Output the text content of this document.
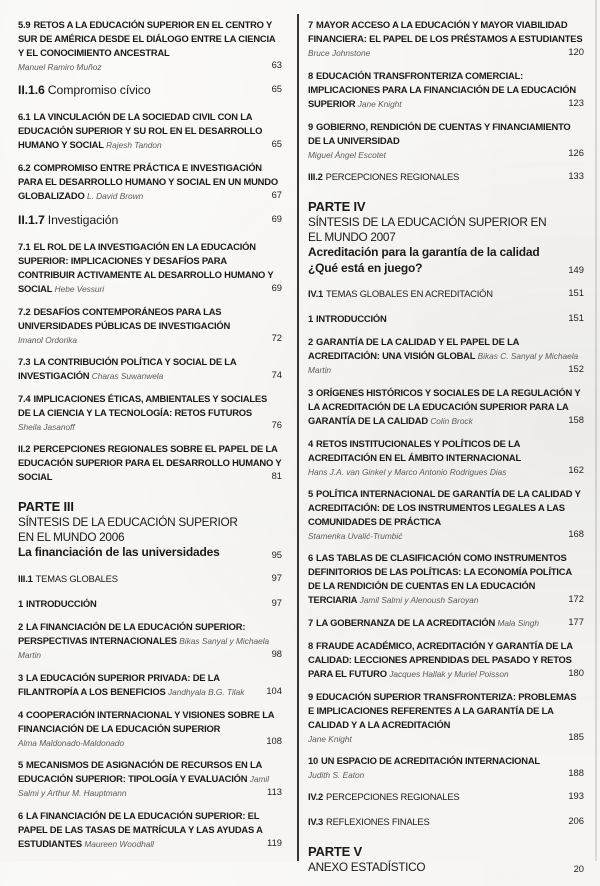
5.9 RETOS A LA EDUCACIÓN SUPERIOR EN EL CENTRO Y SUR DE AMÉRICA DESDE EL DIÁLOGO ENTRE LA CIENCIA Y EL CONOCIMIENTO ANCESTRAL
Manuel Ramiro Muñoz	63
II.1.6 Compromiso cívico	65
6.1 LA VINCULACIÓN DE LA SOCIEDAD CIVIL CON LA EDUCACIÓN SUPERIOR Y SU ROL EN EL DESARROLLO HUMANO Y SOCIAL Rajesh Tandon	65
6.2 COMPROMISO ENTRE PRÁCTICA E INVESTIGACIÓN PARA EL DESARROLLO HUMANO Y SOCIAL EN UN MUNDO GLOBALIZADO L. David Brown	67
II.1.7 Investigación	69
7.1 EL ROL DE LA INVESTIGACIÓN EN LA EDUCACIÓN SUPERIOR: IMPLICACIONES Y DESAFÍOS PARA CONTRIBUIR ACTIVAMENTE AL DESARROLLO HUMANO Y SOCIAL Hebe Vessuri	69
7.2 DESAFÍOS CONTEMPORÁNEOS PARA LAS UNIVERSIDADES PÚBLICAS DE INVESTIGACIÓN
Imanol Ordorika	72
7.3 LA CONTRIBUCIÓN POLÍTICA Y SOCIAL DE LA INVESTIGACIÓN Charas Suwanwela	74
7.4 IMPLICACIONES ÉTICAS, AMBIENTALES Y SOCIALES DE LA CIENCIA Y LA TECNOLOGÍA: RETOS FUTUROS
Sheila Jasanoff	76
II.2 PERCEPCIONES REGIONALES SOBRE EL PAPEL DE LA EDUCACIÓN SUPERIOR PARA EL DESARROLLO HUMANO Y SOCIAL	81
PARTE III
SÍNTESIS DE LA EDUCACIÓN SUPERIOR
EN EL MUNDO 2006
La financiación de las universidades	95
III.1 TEMAS GLOBALES	97
1 INTRODUCCIÓN	97
2 LA FINANCIACIÓN DE LA EDUCACIÓN SUPERIOR: PERSPECTIVAS INTERNACIONALES Bikas Sanyal y Michaela Martin	98
3 LA EDUCACIÓN SUPERIOR PRIVADA: DE LA FILANTROPÍA A LOS BENEFICIOS Jandhyala B.G. Tilak	104
4 COOPERACIÓN INTERNACIONAL Y VISIONES SOBRE LA FINANCIACIÓN DE LA EDUCACIÓN SUPERIOR
Alma Maldonado-Maldonado	108
5 MECANISMOS DE ASIGNACIÓN DE RECURSOS EN LA EDUCACIÓN SUPERIOR: TIPOLOGÍA Y EVALUACIÓN Jamil Salmi y Arthur M. Hauptmann	113
6 LA FINANCIACIÓN DE LA EDUCACIÓN SUPERIOR: EL PAPEL DE LAS TASAS DE MATRÍCULA Y LAS AYUDAS A ESTUDIANTES Maureen Woodhall	119
7 MAYOR ACCESO A LA EDUCACIÓN Y MAYOR VIABILIDAD FINANCIERA: EL PAPEL DE LOS PRÉSTAMOS A ESTUDIANTES Bruce Johnstone	120
8 EDUCACIÓN TRANSFRONTERIZA COMERCIAL: IMPLICACIONES PARA LA FINANCIACIÓN DE LA EDUCACIÓN SUPERIOR Jane Knight	123
9 GOBIERNO, RENDICIÓN DE CUENTAS Y FINANCIAMIENTO DE LA UNIVERSIDAD
Miguel Ángel Escotet	126
III.2 PERCEPCIONES REGIONALES	133
PARTE IV
SÍNTESIS DE LA EDUCACIÓN SUPERIOR EN
EL MUNDO 2007
Acreditación para la garantía de la calidad
¿Qué está en juego?	149
IV.1 TEMAS GLOBALES EN ACREDITACIÓN	151
1 INTRODUCCIÓN	151
2 GARANTÍA DE LA CALIDAD Y EL PAPEL DE LA ACREDITACIÓN: UNA VISIÓN GLOBAL Bikas C. Sanyal y Michaela Martin	152
3 ORÍGENES HISTÓRICOS Y SOCIALES DE LA REGULACIÓN Y LA ACREDITACIÓN DE LA EDUCACIÓN SUPERIOR PARA LA GARANTÍA DE LA CALIDAD Colin Brock	158
4 RETOS INSTITUCIONALES Y POLÍTICOS DE LA ACREDITACIÓN EN EL ÁMBITO INTERNACIONAL
Hans J.A. van Ginkel y Marco Antonio Rodrigues Dias	162
5 POLÍTICA INTERNACIONAL DE GARANTÍA DE LA CALIDAD Y ACREDITACIÓN: DE LOS INSTRUMENTOS LEGALES A LAS COMUNIDADES DE PRÁCTICA
Stamenka Uvalić-Trumbić	168
6 LAS TABLAS DE CLASIFICACIÓN COMO INSTRUMENTOS DEFINITORIOS DE LAS POLÍTICAS: LA ECONOMÍA POLÍTICA DE LA RENDICIÓN DE CUENTAS EN LA EDUCACIÓN TERCIARIA Jamil Salmi y Alenoush Saroyan	172
7 LA GOBERNANZA DE LA ACREDITACIÓN Mala Singh	177
8 FRAUDE ACADÉMICO, ACREDITACIÓN Y GARANTÍA DE LA CALIDAD: LECCIONES APRENDIDAS DEL PASADO Y RETOS PARA EL FUTURO Jacques Hallak y Muriel Poisson	180
9 EDUCACIÓN SUPERIOR TRANSFRONTERIZA: PROBLEMAS E IMPLICACIONES REFERENTES A LA GARANTÍA DE LA CALIDAD Y A LA ACREDITACIÓN
Jane Knight	185
10 UN ESPACIO DE ACREDITACIÓN INTERNACIONAL
Judith S. Eaton	188
IV.2 PERCEPCIONES REGIONALES	193
IV.3 REFLEXIONES FINALES	206
PARTE V
ANEXO ESTADÍSTICO	20
